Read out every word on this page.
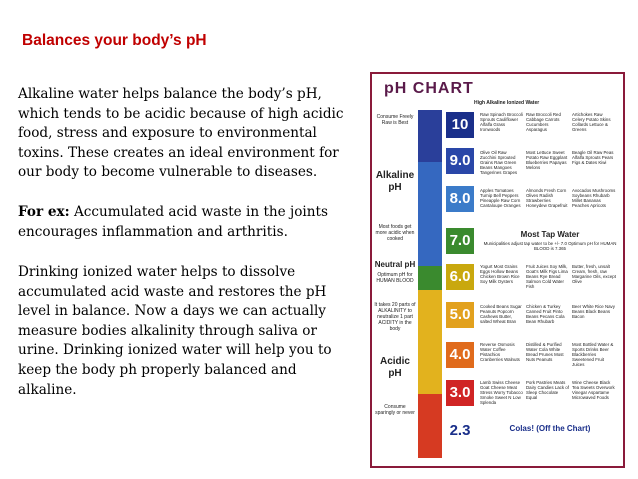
Balances your body’s pH
Alkaline water helps balance the body’s pH, which tends to be acidic because of high acidic food, stress and exposure to environmental toxins. These creates an ideal environment for our body to become vulnerable to diseases.
For ex: Accumulated acid waste in the joints encourages inflammation and arthritis.
Drinking ionized water helps to dissolve accumulated acid waste and restores the pH level in balance. Now a days we can actually measure bodies alkalinity through saliva or urine. Drinking ionized water will help you to keep the body ph properly balanced and alkaline.
pH CHART
High Alkaline Ionized Water
Consume Freely Raw is Best
Alkaline pH
Most foods get more acidic when cooked
Neutral pH
Optimum pH for HUMAN BLOOD
It takes 20 parts of ALKALINITY to neutralize 1 part ACIDITY in the body
Acidic pH
Consume sparingly or never
10
9.0
8.0
7.0
6.0
5.0
4.0
3.0
2.3
Raw Spinach Broccoli Sprouts Cauliflower Alfalfa Grass Ironwoods
Raw Broccoli Red Cabbage Carrots Cucumbers Asparagus
Artichokes Raw Celery Potato Skins Collards Lettuce & Greens
Olive Oil Raw Zucchini Sprouted Grains Raw Green Beans Mangoes Tangerines Grapes
Most Lettuce Sweet Potato Raw Eggplant Blueberries Papayas Melons
Beagle Oil Raw Peas Alfalfa Sprouts Pears Figs & Dates Kiwi
Apples Tomatoes Turnip Bell Peppers Pineapple Raw Corn Cantaloupe Oranges
Almonds Fresh Corn Olives Radish Strawberries Honeydew Grapefruit
Avocados Mushrooms Soybeans Rhubarb Millet Bananas Peaches Apricots
Most Tap Water
Municipalities adjust tap water to be +/- 7.0 Optimum pH for HUMAN BLOOD is 7.365
Yogurt Most Grains Eggs Hollow Beans Chicken Brown Rice Soy Milk Oysters
Fruit Juices Soy Milk, Goat's Milk Figs Lima Beans Rye Bread Salmon Cold Water Fish
Butter, fresh, unsalt Cream, fresh, raw Margarine Oils, except Olive
Cooked Beans Sugar Peanuts Popcorn Cashews Butter, salted Wheat Bran
Chicken & Turkey Canned Fruit Pinto Beans Pecans Cola Bean Rhubarb
Beer White Rice Navy Beans Black Beans Bacon
Reverse Osmosis Water Coffee Pistachios Cranberries Walnuts
Distilled & Purified Water Cola White Bread Prunes Most Nuts Peanuts
Most Bottled Water & Sports Drinks Beer Blackberries Sweetened Fruit Juices
Lamb Swiss Cheese Goat Cheese Meat Stress Worry Tobacco Smoke Sweet N Low Splenda
Pork Pastries Meats Dairy Candies Lack of Sleep Chocolate Equal
Wine Cheese Black Tea Sweets Overwork Vinegar Aspartame Microwaved Foods
Colas! (Off the Chart)
